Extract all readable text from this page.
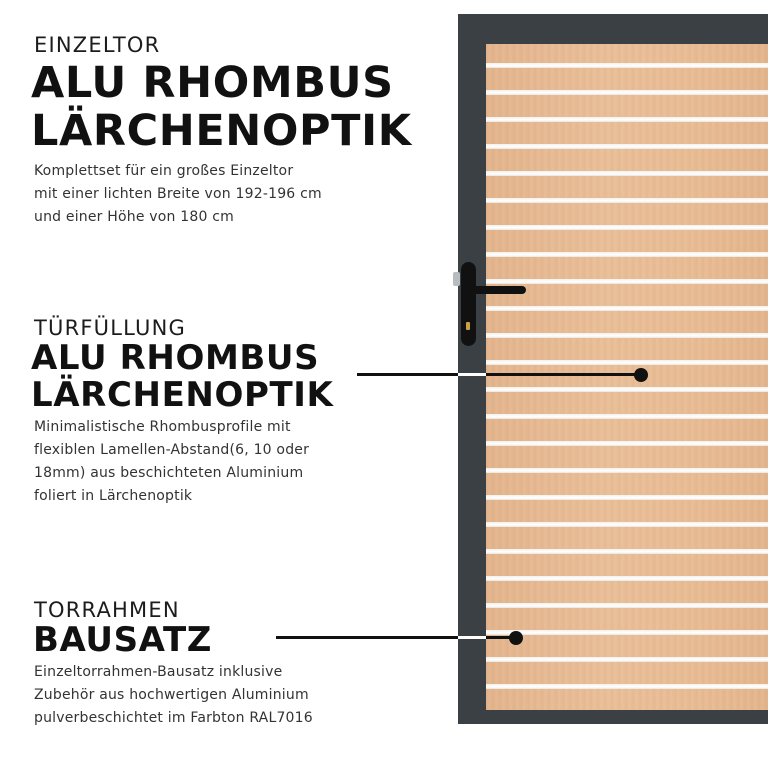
EINZELTOR
ALU RHOMBUS
LÄRCHENOPTIK
Komplettset für ein großes Einzeltor
mit einer lichten Breite von 192-196 cm
und einer Höhe von 180 cm
TÜRFÜLLUNG
ALU RHOMBUS
LÄRCHENOPTIK
Minimalistische Rhombusprofile mit
flexiblen Lamellen-Abstand(6, 10 oder
18mm) aus beschichteten Aluminium
foliert in Lärchenoptik
TORRAHMEN
BAUSATZ
Einzeltorrahmen-Bausatz inklusive
Zubehör aus hochwertigen Aluminium
pulverbeschichtet im Farbton RAL7016
